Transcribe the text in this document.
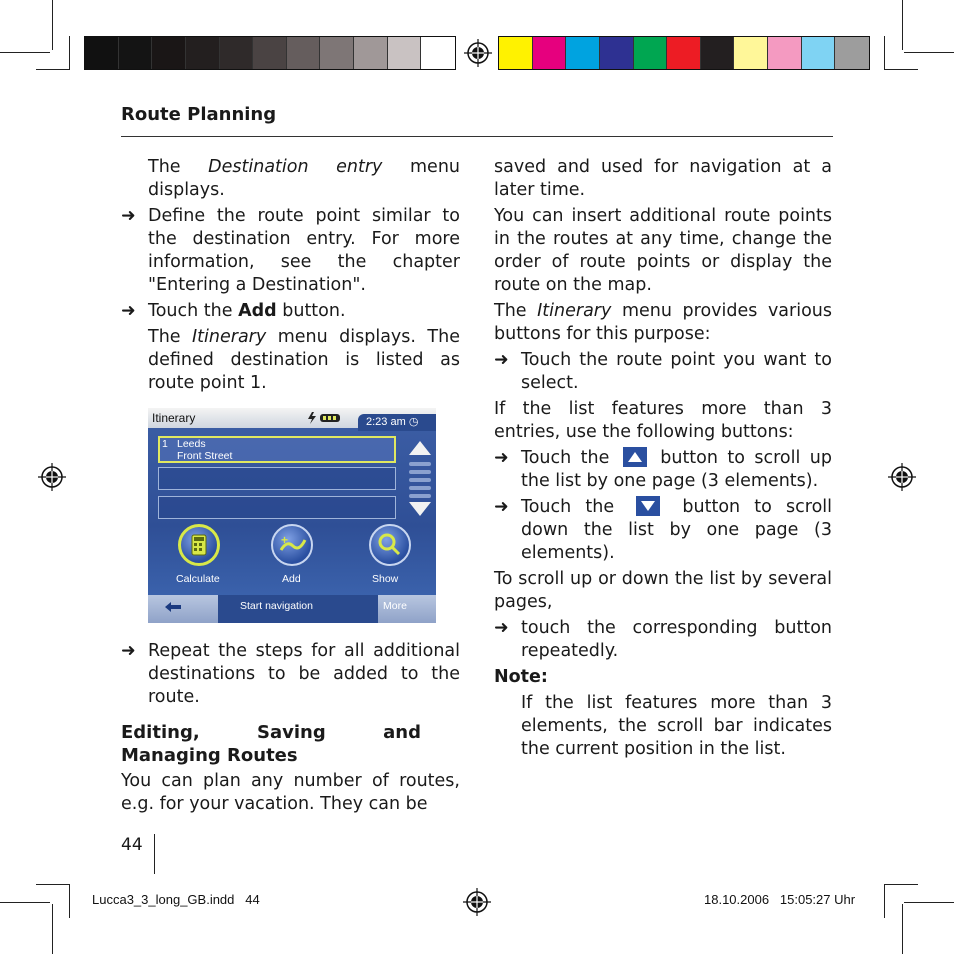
Route Planning

The Destination entry menu displays.

➜ Define the route point similar to the destination entry. For more information, see the chapter "Entering a Destination".

➜ Touch the Add button.

The Itinerary menu displays. The defined destination is listed as route point 1.

Itinerary	2:23 am ◷
1 Leeds
Front Street
+
Calculate	Add	Show
Start navigation	More

➜ Repeat the steps for all additional destinations to be added to the route.

Editing, Saving and Managing Routes

You can plan any number of routes, e.g. for your vacation. They can be

saved and used for navigation at a later time.

You can insert additional route points in the routes at any time, change the order of route points or display the route on the map.

The Itinerary menu provides various buttons for this purpose:

➜ Touch the route point you want to select.

If the list features more than 3 entries, use the following buttons:

➜ Touch the
button to scroll up the list by one page (3 elements).

➜ Touch the
button to scroll down the list by one page (3 elements).

To scroll up or down the list by several pages,

➜ touch the corresponding button repeatedly.

Note:

If the list features more than 3 elements, the scroll bar indicates the current position in the list.

44
Lucca3_3_long_GB.indd   44	18.10.2006   15:05:27 Uhr
